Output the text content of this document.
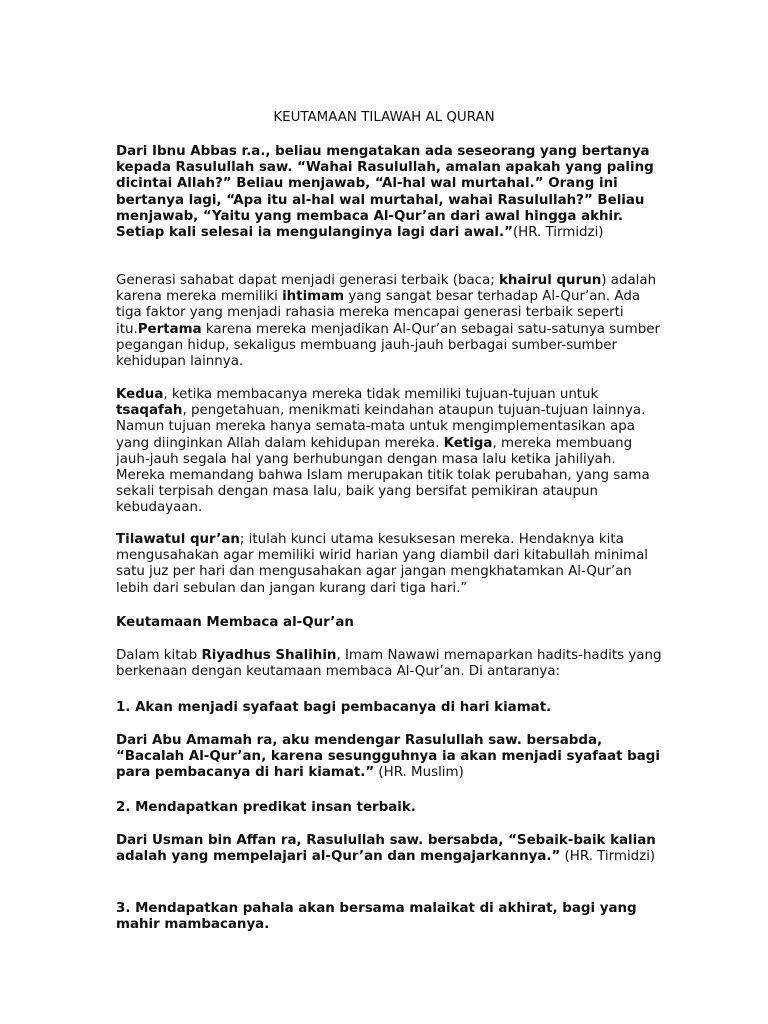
KEUTAMAAN TILAWAH AL QURAN

Dari Ibnu Abbas r.a., beliau mengatakan ada seseorang yang bertanya kepada Rasulullah saw. “Wahai Rasulullah, amalan apakah yang paling dicintai Allah?” Beliau menjawab, “Al-hal wal murtahal.” Orang ini bertanya lagi, “Apa itu al-hal wal murtahal, wahai Rasulullah?” Beliau menjawab, “Yaitu yang membaca Al-Qur’an dari awal hingga akhir. Setiap kali selesai ia mengulanginya lagi dari awal.”(HR. Tirmidzi)

Generasi sahabat dapat menjadi generasi terbaik (baca; khairul qurun) adalah karena mereka memiliki ihtimam yang sangat besar terhadap Al-Qur’an. Ada tiga faktor yang menjadi rahasia mereka mencapai generasi terbaik seperti itu.Pertama karena mereka menjadikan Al-Qur’an sebagai satu-satunya sumber pegangan hidup, sekaligus membuang jauh-jauh berbagai sumber-sumber kehidupan lainnya.

Kedua, ketika membacanya mereka tidak memiliki tujuan-tujuan untuk tsaqafah, pengetahuan, menikmati keindahan ataupun tujuan-tujuan lainnya. Namun tujuan mereka hanya semata-mata untuk mengimplementasikan apa yang diinginkan Allah dalam kehidupan mereka. Ketiga, mereka membuang jauh-jauh segala hal yang berhubungan dengan masa lalu ketika jahiliyah. Mereka memandang bahwa Islam merupakan titik tolak perubahan, yang sama sekali terpisah dengan masa lalu, baik yang bersifat pemikiran ataupun kebudayaan.

Tilawatul qur’an; itulah kunci utama kesuksesan mereka. Hendaknya kita mengusahakan agar memiliki wirid harian yang diambil dari kitabullah minimal satu juz per hari dan mengusahakan agar jangan mengkhatamkan Al-Qur’an lebih dari sebulan dan jangan kurang dari tiga hari.”

Keutamaan Membaca al-Qur’an

Dalam kitab Riyadhus Shalihin, Imam Nawawi memaparkan hadits-hadits yang berkenaan dengan keutamaan membaca Al-Qur’an. Di antaranya:

1. Akan menjadi syafaat bagi pembacanya di hari kiamat.

Dari Abu Amamah ra, aku mendengar Rasulullah saw. bersabda, “Bacalah Al-Qur’an, karena sesungguhnya ia akan menjadi syafaat bagi para pembacanya di hari kiamat.” (HR. Muslim)

2. Mendapatkan predikat insan terbaik.

Dari Usman bin Affan ra, Rasulullah saw. bersabda, “Sebaik-baik kalian adalah yang mempelajari al-Qur’an dan mengajarkannya.” (HR. Tirmidzi)

3. Mendapatkan pahala akan bersama malaikat di akhirat, bagi yang mahir mambacanya.
